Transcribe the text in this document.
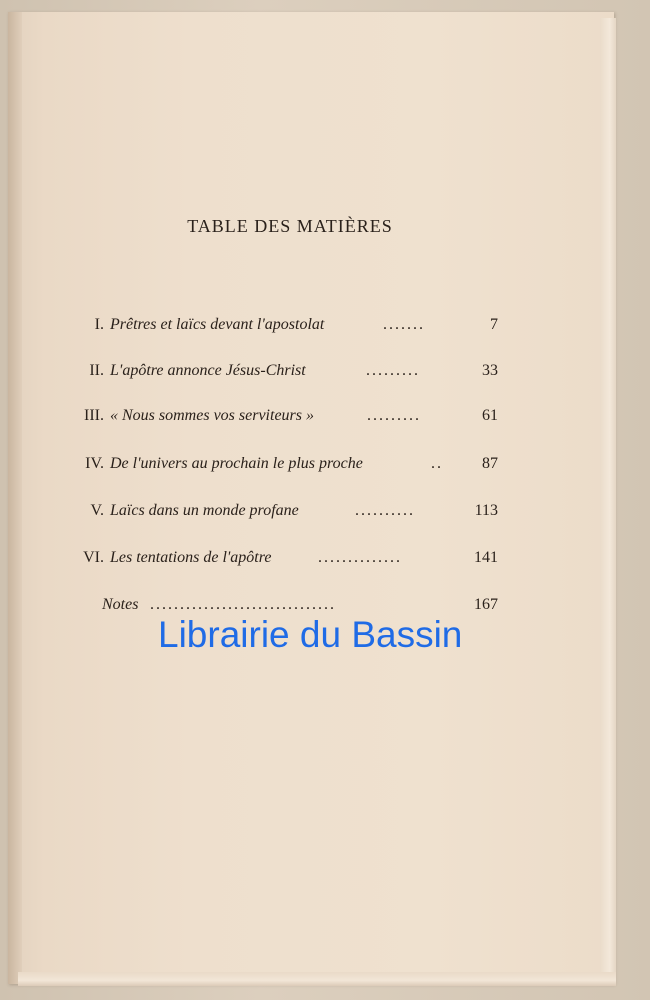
TABLE DES MATIÈRES
I. Prêtres et laïcs devant l'apostolat	.......	7
II. L'apôtre annonce Jésus-Christ	.........	33
III. « Nous sommes vos serviteurs »	.........	61
IV. De l'univers au prochain le plus proche	.. 87
V. Laïcs dans un monde profane	..........	113
VI. Les tentations de l'apôtre	..............	141
Notes ...............................	167
Librairie du Bassin
